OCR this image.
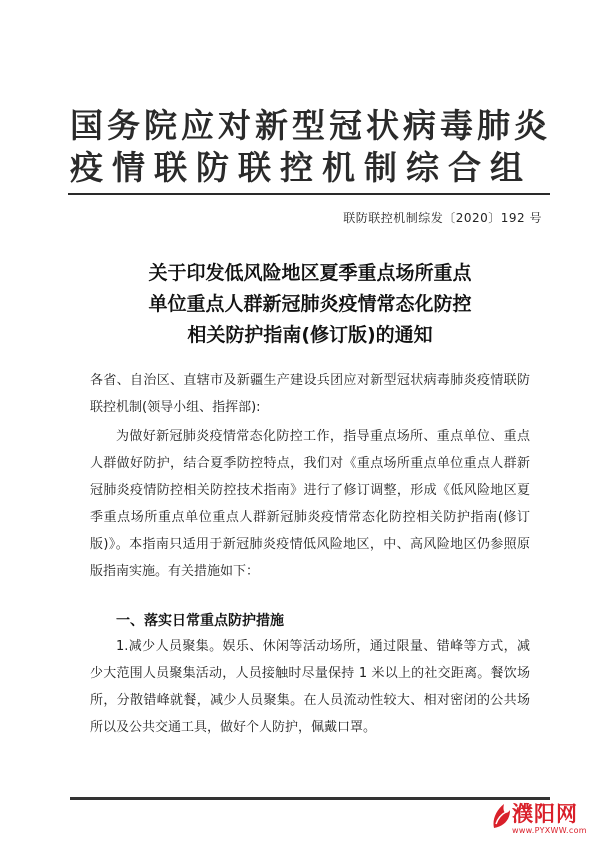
国务院应对新型冠状病毒肺炎
疫情联防联控机制综合组
联防联控机制综发〔2020〕192 号
关于印发低风险地区夏季重点场所重点
单位重点人群新冠肺炎疫情常态化防控
相关防护指南(修订版)的通知
各省、自治区、直辖市及新疆生产建设兵团应对新型冠状病毒肺炎疫情联防联控机制(领导小组、指挥部):
为做好新冠肺炎疫情常态化防控工作，指导重点场所、重点单位、重点人群做好防护，结合夏季防控特点，我们对《重点场所重点单位重点人群新冠肺炎疫情防控相关防控技术指南》进行了修订调整，形成《低风险地区夏季重点场所重点单位重点人群新冠肺炎疫情常态化防控相关防护指南(修订版)》。本指南只适用于新冠肺炎疫情低风险地区，中、高风险地区仍参照原版指南实施。有关措施如下：
一、落实日常重点防护措施
1.减少人员聚集。娱乐、休闲等活动场所，通过限量、错峰等方式，减少大范围人员聚集活动，人员接触时尽量保持 1 米以上的社交距离。餐饮场所，分散错峰就餐，减少人员聚集。在人员流动性较大、相对密闭的公共场所以及公共交通工具，做好个人防护，佩戴口罩。
濮阳网
www.PYXWW.com
